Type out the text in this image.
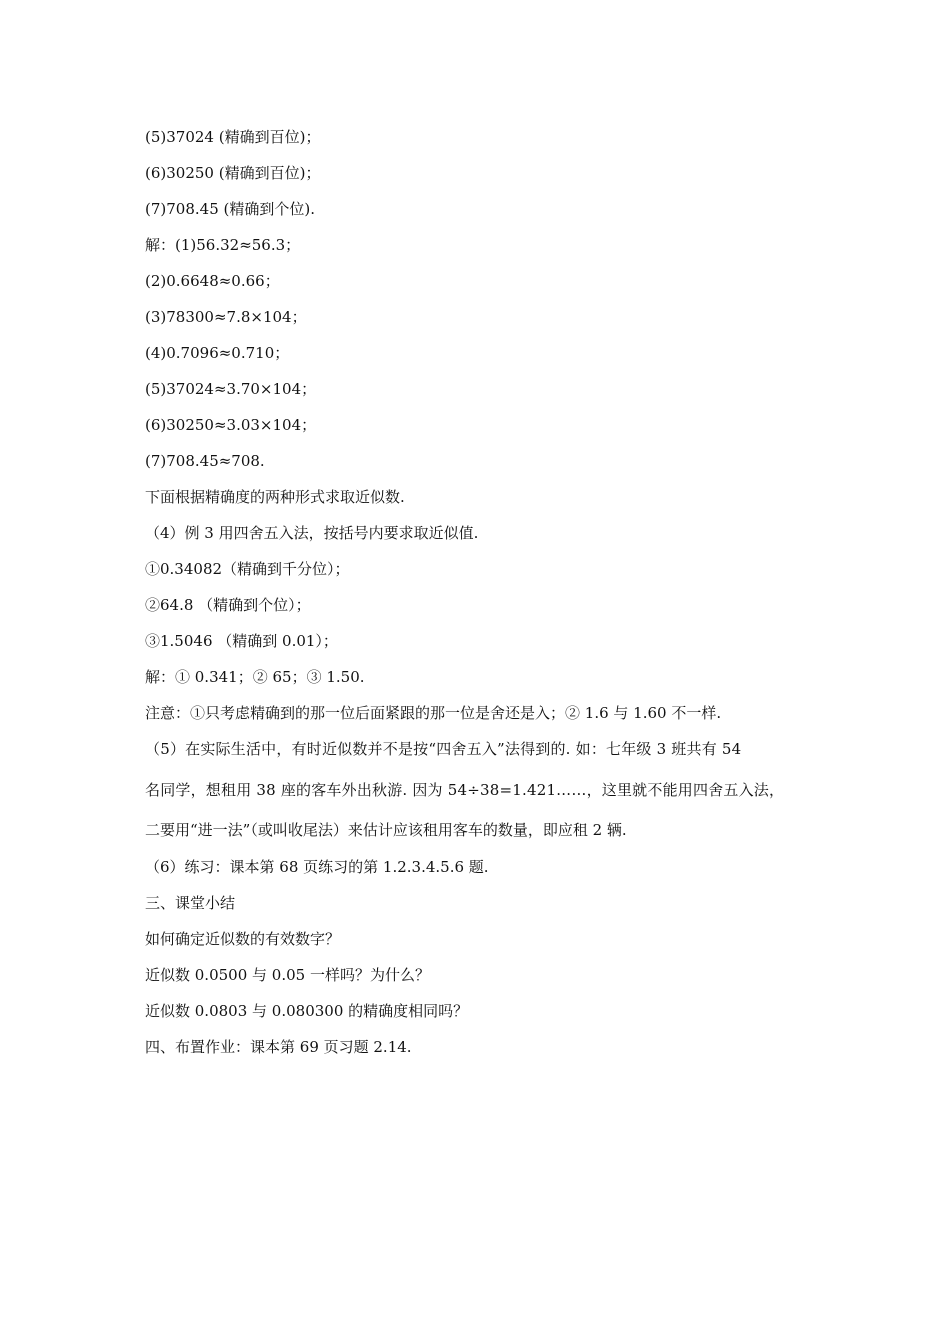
(5)37024 (精确到百位)；
(6)30250 (精确到百位)；
(7)708.45 (精确到个位).
解：(1)56.32≈56.3；
(2)0.6648≈0.66；
(3)78300≈7.8×104；
(4)0.7096≈0.710；
(5)37024≈3.70×104；
(6)30250≈3.03×104；
(7)708.45≈708.
下面根据精确度的两种形式求取近似数.
（4）例 3 用四舍五入法，按括号内要求取近似值.
①0.34082（精确到千分位）；
②64.8 （精确到个位）；
③1.5046 （精确到 0.01）；
解：① 0.341；② 65；③ 1.50.
注意：①只考虑精确到的那一位后面紧跟的那一位是舍还是入；② 1.6 与 1.60 不一样.
（5）在实际生活中，有时近似数并不是按“四舍五入”法得到的. 如：七年级 3 班共有 54
名同学，想租用 38 座的客车外出秋游. 因为 54÷38=1.421……，这里就不能用四舍五入法，
二要用“进一法”（或叫收尾法）来估计应该租用客车的数量，即应租 2 辆.
（6）练习：课本第 68 页练习的第 1.2.3.4.5.6 题.
三、课堂小结
如何确定近似数的有效数字？
近似数 0.0500 与 0.05 一样吗？为什么？
近似数 0.0803 与 0.080300 的精确度相同吗？
四、布置作业：课本第 69 页习题 2.14.
